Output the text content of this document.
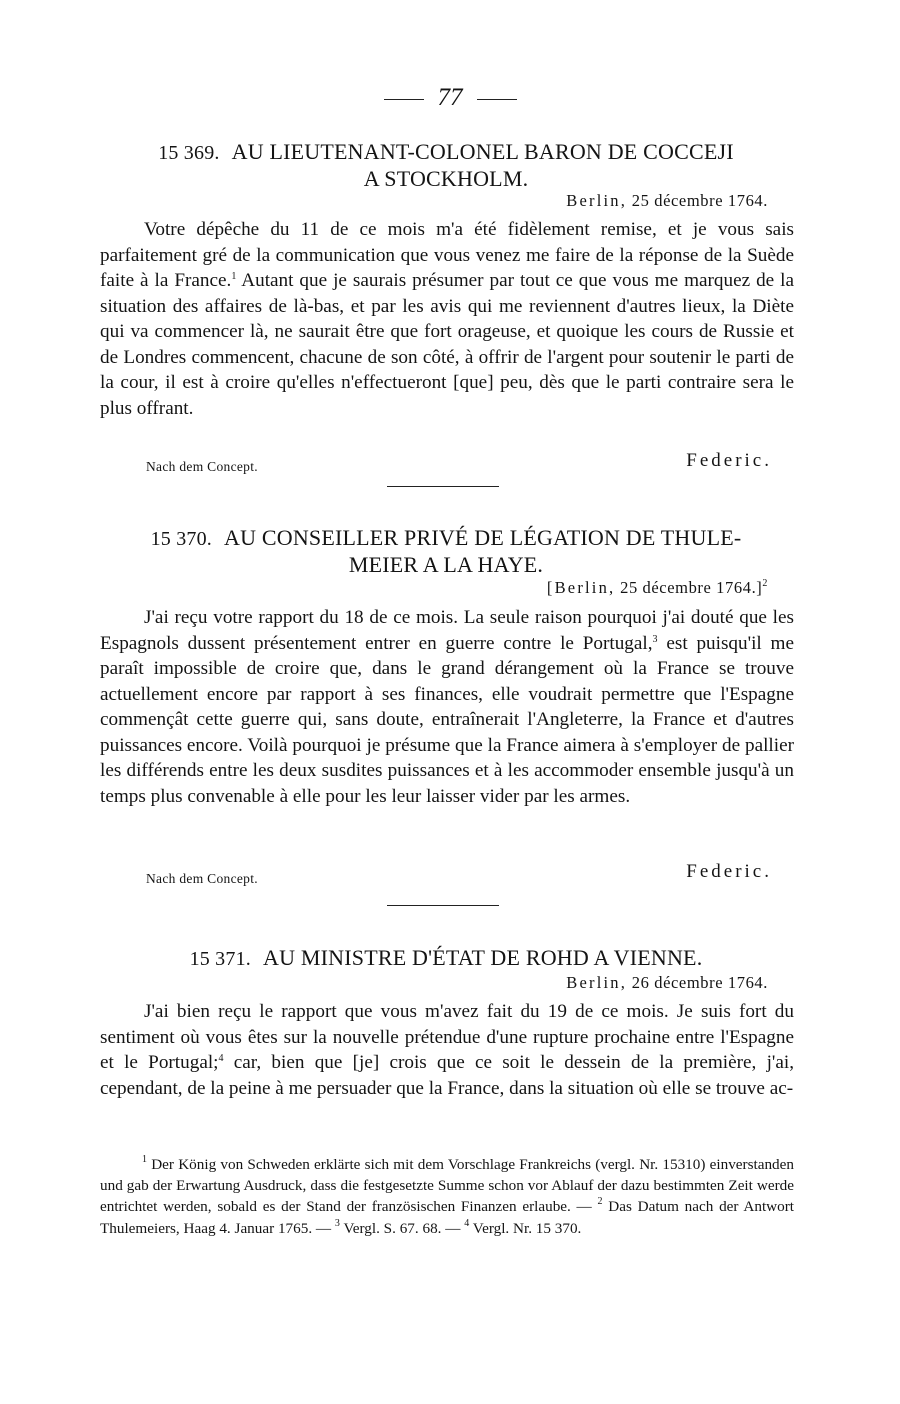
77
15 369. AU LIEUTENANT-COLONEL BARON DE COCCEJI
A STOCKHOLM.
Berlin, 25 décembre 1764.

Votre dépêche du 11 de ce mois m'a été fidèlement remise, et je vous sais parfaitement gré de la communication que vous venez me faire de la réponse de la Suède faite à la France.$^1$ Autant que je saurais présumer par tout ce que vous me marquez de la situation des affaires de là-bas, et par les avis qui me reviennent d'autres lieux, la Diète qui va commencer là, ne saurait être que fort orageuse, et quoique les cours de Russie et de Londres commencent, chacune de son côté, à offrir de l'argent pour soutenir le parti de la cour, il est à croire qu'elles n'effectueront [que] peu, dès que le parti contraire sera le plus offrant.

Nach dem Concept.	Federic.
15 370. AU CONSEILLER PRIVÉ DE LÉGATION DE THULE-
MEIER A LA HAYE.
[Berlin, 25 décembre 1764.]$^2$

J'ai reçu votre rapport du 18 de ce mois. La seule raison pourquoi j'ai douté que les Espagnols dussent présentement entrer en guerre contre le Portugal,$^3$ est puisqu'il me paraît impossible de croire que, dans le grand dérangement où la France se trouve actuellement encore par rapport à ses finances, elle voudrait permettre que l'Espagne commençât cette guerre qui, sans doute, entraînerait l'Angleterre, la France et d'autres puissances encore. Voilà pourquoi je présume que la France aimera à s'employer de pallier les différends entre les deux susdites puissances et à les accommoder ensemble jusqu'à un temps plus convenable à elle pour les leur laisser vider par les armes.

Nach dem Concept.	Federic.
15 371. AU MINISTRE D'ÉTAT DE ROHD A VIENNE.
Berlin, 26 décembre 1764.

J'ai bien reçu le rapport que vous m'avez fait du 19 de ce mois. Je suis fort du sentiment où vous êtes sur la nouvelle prétendue d'une rupture prochaine entre l'Espagne et le Portugal;$^4$ car, bien que [je] crois que ce soit le dessein de la première, j'ai, cependant, de la peine à me persuader que la France, dans la situation où elle se trouve ac-

$^1$ Der König von Schweden erklärte sich mit dem Vorschlage Frankreichs (vergl. Nr. 15310) einverstanden und gab der Erwartung Ausdruck, dass die festgesetzte Summe schon vor Ablauf der dazu bestimmten Zeit werde entrichtet werden, sobald es der Stand der französischen Finanzen erlaube. — $^2$ Das Datum nach der Antwort Thulemeiers, Haag 4. Januar 1765. — $^3$ Vergl. S. 67. 68. — $^4$ Vergl. Nr. 15 370.
